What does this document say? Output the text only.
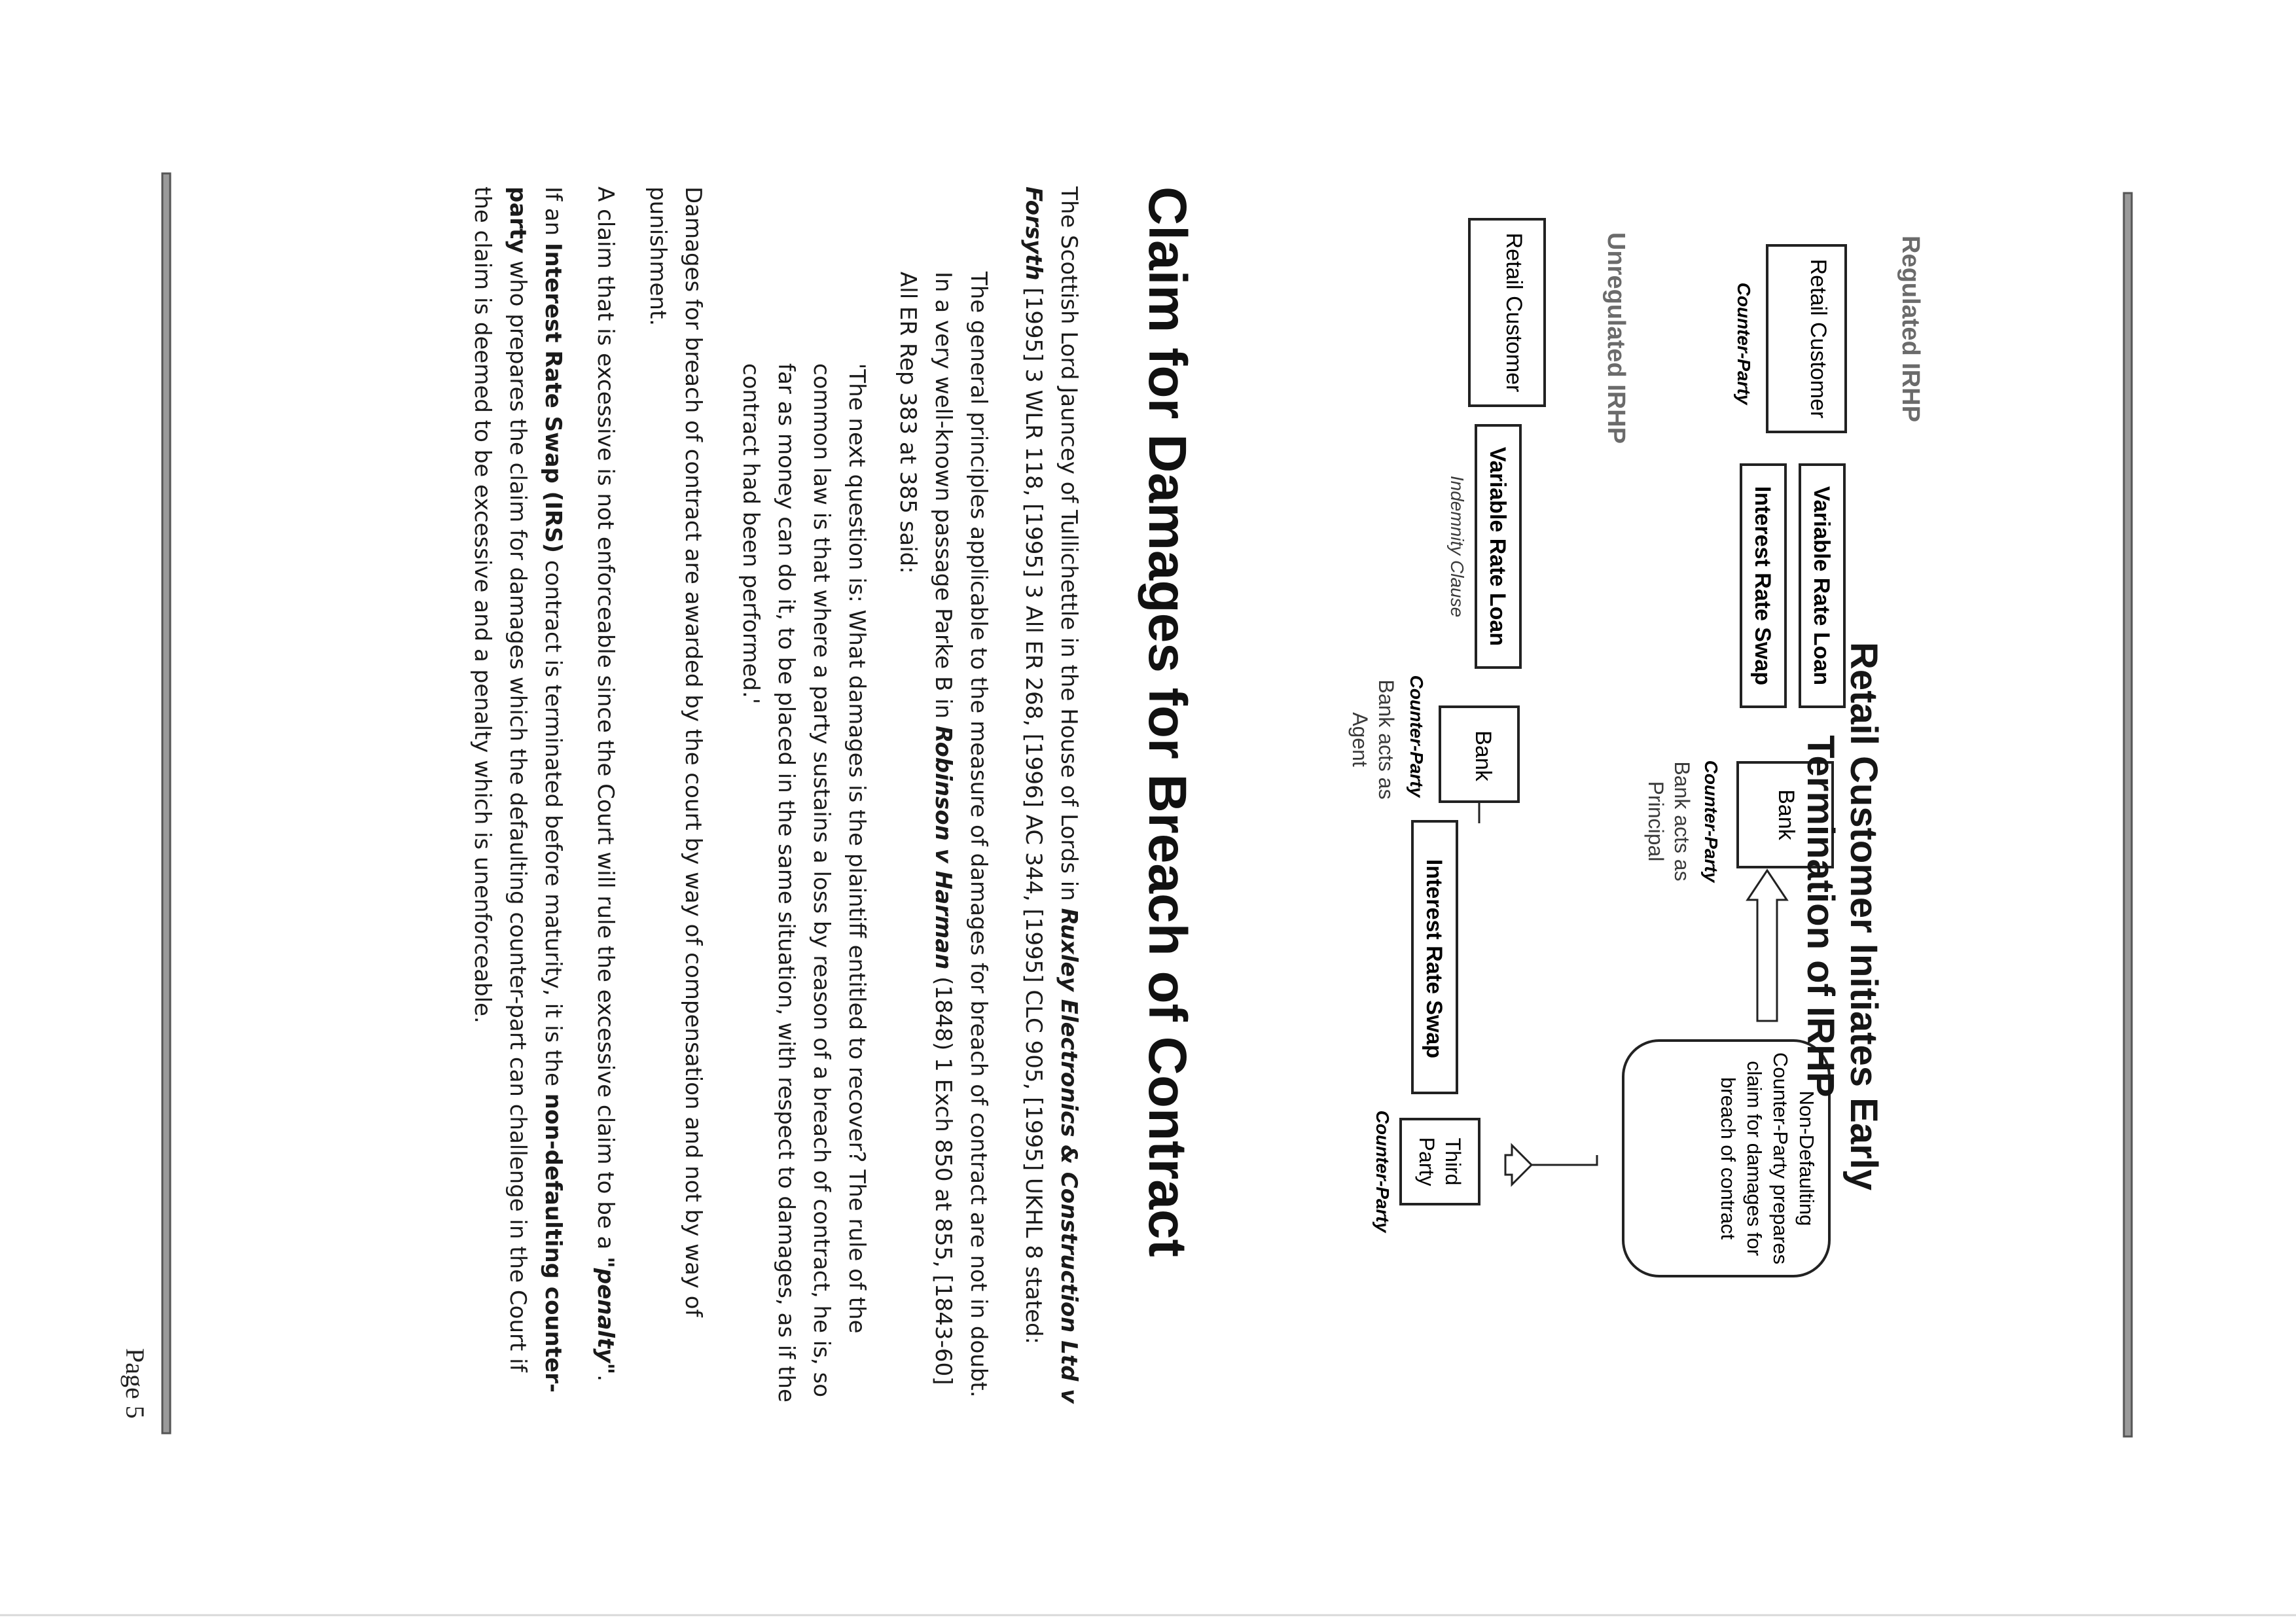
Retail Customer Initiates Early
Termination of IRHP
Regulated IRHP
Unregulated IRHP	Retail Customer
Counter-Party
Variable Rate Loan
Interest Rate Swap
Bank
Counter-Party
Bank acts as Principal
Non-Defaulting Counter-Party prepares claim for damages for breach of contract
Retail Customer
Variable Rate Loan
Indemnity Clause
Bank
Counter-Party
Bank acts as Agent
Interest Rate Swap
Third Party
Counter-Party
Claim for Damages for Breach of Contract

The Scottish Lord Jauncey of Tullichettle in the House of Lords in Ruxley Electronics & Construction Ltd v Forsyth [1995] 3 WLR 118, [1995] 3 All ER 268, [1996] AC 344, [1995] CLC 905, [1995] UKHL 8 stated:

The general principles applicable to the measure of damages for breach of contract are not in doubt. In a very well-known passage Parke B in Robinson v Harman (1848) 1 Exch 850 at 855, [1843-60] All ER Rep 383 at 385 said:

'The next question is: What damages is the plaintiff entitled to recover? The rule of the common law is that where a party sustains a loss by reason of a breach of contract, he is, so far as money can do it, to be placed in the same situation, with respect to damages, as if the contract had been performed.'

Damages for breach of contract are awarded by the court by way of compensation and not by way of punishment.

A claim that is excessive is not enforceable since the Court will rule the excessive claim to be a "penalty".

If an Interest Rate Swap (IRS) contract is terminated before maturity, it is the non-defaulting counter-party who prepares the claim for damages which the defaulting counter-part can challenge in the Court if the claim is deemed to be excessive and a penalty which is unenforceable.

Page 5
